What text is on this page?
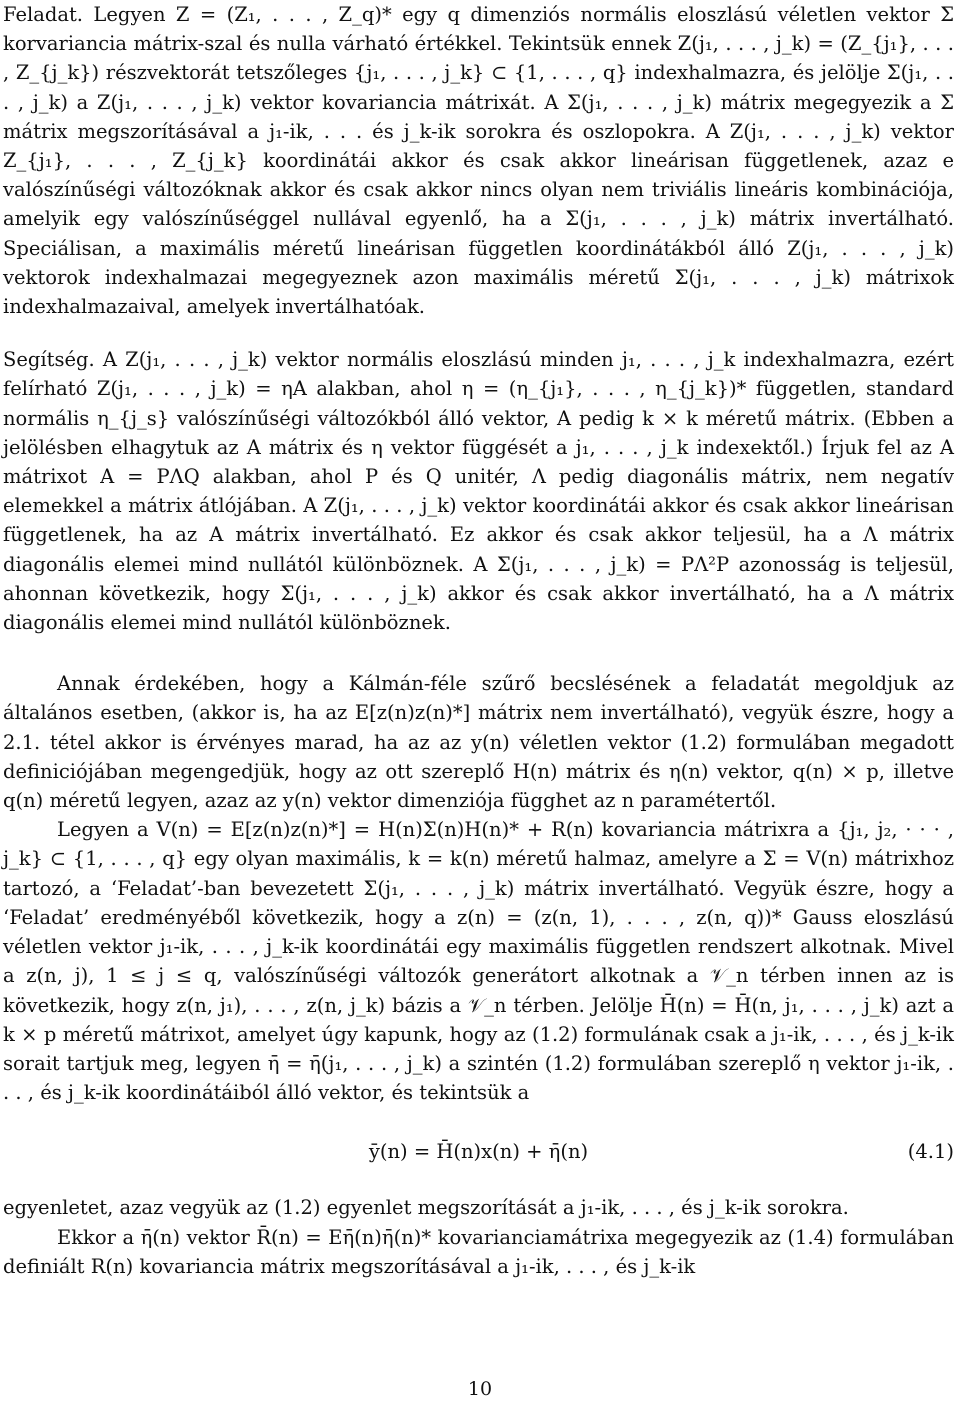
Feladat. Legyen Z = (Z₁, . . . , Z_q)* egy q dimenziós normális eloszlású véletlen vektor Σ korvariancia mátrix-szal és nulla várható értékkel. Tekintsük ennek Z(j₁, . . . , j_k) = (Z_{j₁}, . . . , Z_{j_k}) részvektorát tetszőleges {j₁, . . . , j_k} ⊂ {1, . . . , q} indexhalmazra, és jelölje Σ(j₁, . . . , j_k) a Z(j₁, . . . , j_k) vektor kovariancia mátrixát. A Σ(j₁, . . . , j_k) mátrix megegyezik a Σ mátrix megszorításával a j₁-ik, . . . és j_k-ik sorokra és oszlopokra. A Z(j₁, . . . , j_k) vektor Z_{j₁}, . . . , Z_{j_k} koordinátái akkor és csak akkor lineárisan függetlenek, azaz e valószínűségi változóknak akkor és csak akkor nincs olyan nem triviális lineáris kombinációja, amelyik egy valószínűséggel nullával egyenlő, ha a Σ(j₁, . . . , j_k) mátrix invertálható. Speciálisan, a maximális méretű lineárisan független koordinátákból álló Z(j₁, . . . , j_k) vektorok indexhalmazai megegyeznek azon maximális méretű Σ(j₁, . . . , j_k) mátrixok indexhalmazaival, amelyek invertálhatóak.

Segítség. A Z(j₁, . . . , j_k) vektor normális eloszlású minden j₁, . . . , j_k indexhalmazra, ezért felírható Z(j₁, . . . , j_k) = ηA alakban, ahol η = (η_{j₁}, . . . , η_{j_k})* független, standard normális η_{j_s} valószínűségi változókból álló vektor, A pedig k × k méretű mátrix. (Ebben a jelölésben elhagytuk az A mátrix és η vektor függését a j₁, . . . , j_k indexektől.) Írjuk fel az A mátrixot A = PΛQ alakban, ahol P és Q unitér, Λ pedig diagonális mátrix, nem negatív elemekkel a mátrix átlójában. A Z(j₁, . . . , j_k) vektor koordinátái akkor és csak akkor lineárisan függetlenek, ha az A mátrix invertálható. Ez akkor és csak akkor teljesül, ha a Λ mátrix diagonális elemei mind nullától különböznek. A Σ(j₁, . . . , j_k) = PΛ²P azonosság is teljesül, ahonnan következik, hogy Σ(j₁, . . . , j_k) akkor és csak akkor invertálható, ha a Λ mátrix diagonális elemei mind nullától különböznek.

Annak érdekében, hogy a Kálmán-féle szűrő becslésének a feladatát megoldjuk az általános esetben, (akkor is, ha az E[z(n)z(n)*] mátrix nem invertálható), vegyük észre, hogy a 2.1. tétel akkor is érvényes marad, ha az az y(n) véletlen vektor (1.2) formulában megadott definiciójában megengedjük, hogy az ott szereplő H(n) mátrix és η(n) vektor, q(n) × p, illetve q(n) méretű legyen, azaz az y(n) vektor dimenziója függhet az n paramétertől.

Legyen a V(n) = E[z(n)z(n)*] = H(n)Σ(n)H(n)* + R(n) kovariancia mátrixra a {j₁, j₂, · · · , j_k} ⊂ {1, . . . , q} egy olyan maximális, k = k(n) méretű halmaz, amelyre a Σ = V(n) mátrixhoz tartozó, a ‘Feladat’-ban bevezetett Σ(j₁, . . . , j_k) mátrix invertálható. Vegyük észre, hogy a ‘Feladat’ eredményéből következik, hogy a z(n) = (z(n, 1), . . . , z(n, q))* Gauss eloszlású véletlen vektor j₁-ik, . . . , j_k-ik koordinátái egy maximális független rendszert alkotnak. Mivel a z(n, j), 1 ≤ j ≤ q, valószínűségi változók generátort alkotnak a 𝒱_n térben innen az is következik, hogy z(n, j₁), . . . , z(n, j_k) bázis a 𝒱_n térben. Jelölje H̄(n) = H̄(n, j₁, . . . , j_k) azt a k × p méretű mátrixot, amelyet úgy kapunk, hogy az (1.2) formulának csak a j₁-ik, . . . , és j_k-ik sorait tartjuk meg, legyen η̄ = η̄(j₁, . . . , j_k) a szintén (1.2) formulában szereplő η vektor j₁-ik, . . . , és j_k-ik koordinátáiból álló vektor, és tekintsük a

ȳ(n) = H̄(n)x(n) + η̄(n)	(4.1)

egyenletet, azaz vegyük az (1.2) egyenlet megszorítását a j₁-ik, . . . , és j_k-ik sorokra.

Ekkor a η̄(n) vektor R̄(n) = Eη̄(n)η̄(n)* kovarianciamátrixa megegyezik az (1.4) formulában definiált R(n) kovariancia mátrix megszorításával a j₁-ik, . . . , és j_k-ik

10
